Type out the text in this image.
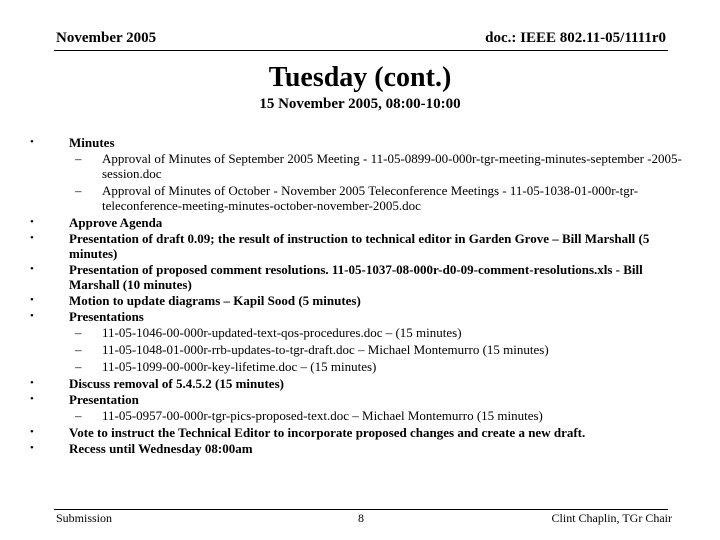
November 2005	doc.: IEEE 802.11-05/1111r0
Tuesday (cont.)
15 November 2005, 08:00-10:00
•	Minutes
– Approval of Minutes of September 2005 Meeting - 11-05-0899-00-000r-tgr-meeting-minutes-september -2005-session.doc
– Approval of Minutes of October - November 2005 Teleconference Meetings - 11-05-1038-01-000r-tgr-teleconference-meeting-minutes-october-november-2005.doc
•	Approve Agenda
•	Presentation of draft 0.09; the result of instruction to technical editor in Garden Grove – Bill Marshall (5 minutes)
•	Presentation of proposed comment resolutions. 11-05-1037-08-000r-d0-09-comment-resolutions.xls - Bill Marshall (10 minutes)
•	Motion to update diagrams – Kapil Sood (5 minutes)
•	Presentations
– 11-05-1046-00-000r-updated-text-qos-procedures.doc – (15 minutes)
– 11-05-1048-01-000r-rrb-updates-to-tgr-draft.doc – Michael Montemurro (15 minutes)
– 11-05-1099-00-000r-key-lifetime.doc – (15 minutes)
•	Discuss removal of 5.4.5.2 (15 minutes)
•	Presentation
– 11-05-0957-00-000r-tgr-pics-proposed-text.doc – Michael Montemurro (15 minutes)
•	Vote to instruct the Technical Editor to incorporate proposed changes and create a new draft.
•	Recess until Wednesday 08:00am
Submission	8	Clint Chaplin, TGr Chair
